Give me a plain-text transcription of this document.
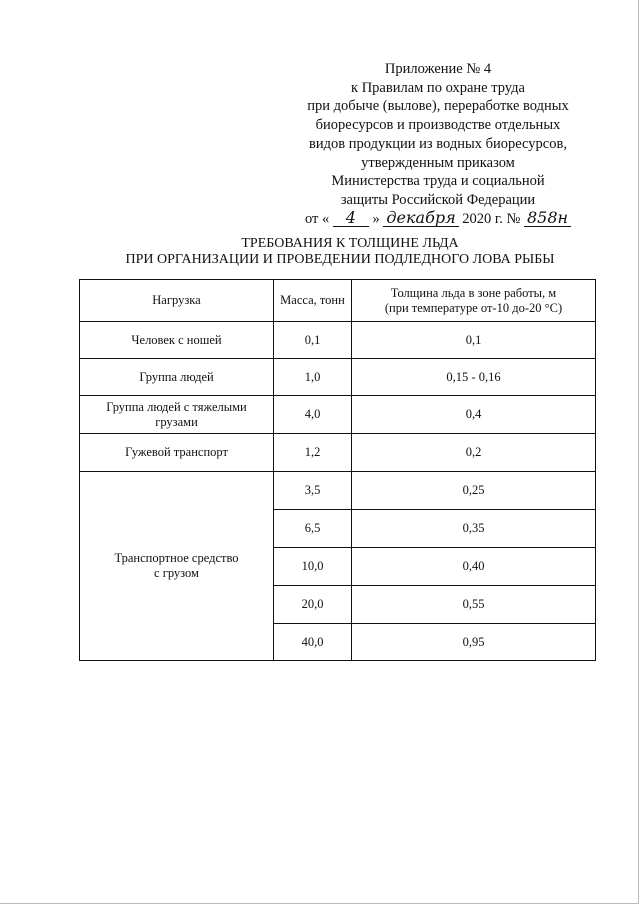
Приложение № 4
к Правилам по охране труда
при добыче (вылове), переработке водных
биоресурсов и производстве отдельных
видов продукции из водных биоресурсов,
утвержденным приказом
Министерства труда и социальной
защиты Российской Федерации
от « 4 » декабря 2020 г. № 858н
ТРЕБОВАНИЯ К ТОЛЩИНЕ ЛЬДА
ПРИ ОРГАНИЗАЦИИ И ПРОВЕДЕНИИ ПОДЛЕДНОГО ЛОВА РЫБЫ
Нагрузка	Масса, тонн	Толщина льда в зоне работы, м
(при температуре от-10 до-20 °С)
Человек с ношей	0,1	0,1
Группа людей	1,0	0,15 - 0,16
Группа людей с тяжелыми грузами	4,0	0,4
Гужевой транспорт	1,2	0,2
Транспортное средство
с грузом	3,5	0,25
	6,5	0,35
	10,0	0,40
	20,0	0,55
	40,0	0,95
